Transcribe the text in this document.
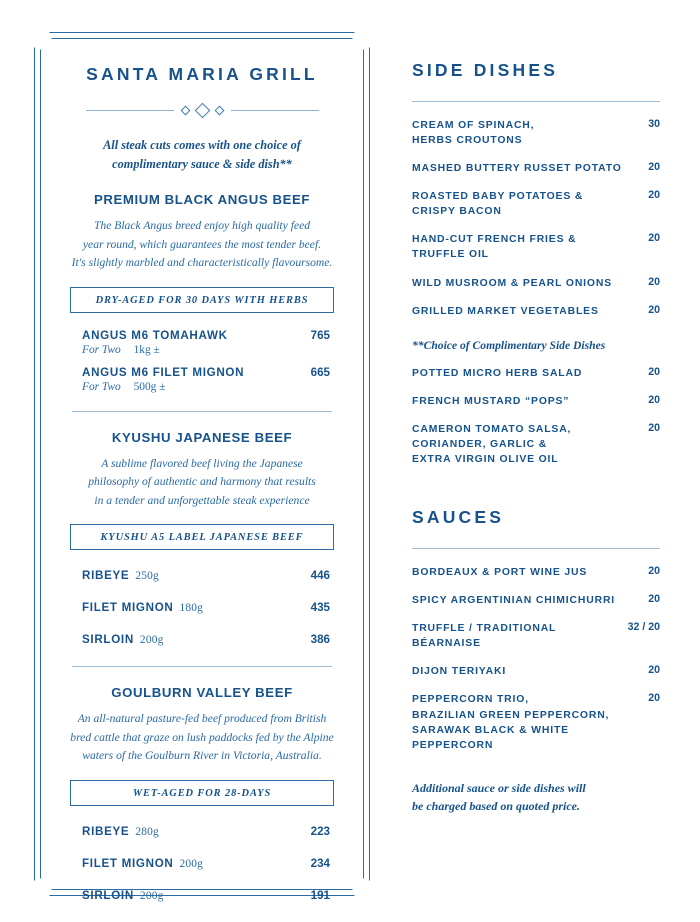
SANTA MARIA GRILL

All steak cuts comes with one choice of
complimentary sauce & side dish**

PREMIUM BLACK ANGUS BEEF

The Black Angus breed enjoy high quality feed
year round, which guarantees the most tender beef.
It's slightly marbled and characteristically flavoursome.

DRY-AGED FOR 30 DAYS WITH HERBS
ANGUS M6 TOMAHAWK	765
For Two 1kg ±
ANGUS M6 FILET MIGNON	665
For Two 500g ±
KYUSHU JAPANESE BEEF

A sublime flavored beef living the Japanese
philosophy of authentic and harmony that results
in a tender and unforgettable steak experience

KYUSHU A5 LABEL JAPANESE BEEF
RIBEYE 250g	446
FILET MIGNON 180g	435
SIRLOIN 200g	386
GOULBURN VALLEY BEEF

An all-natural pasture-fed beef produced from British
bred cattle that graze on lush paddocks fed by the Alpine
waters of the Goulburn River in Victoria, Australia.

WET-AGED FOR 28-DAYS
RIBEYE 280g	223
FILET MIGNON 200g	234
SIRLOIN 200g	191
SIDE DISHES
CREAM OF SPINACH,
HERBS CROUTONS
30
MASHED BUTTERY RUSSET POTATO	20
ROASTED BABY POTATOES &
CRISPY BACON
20
HAND-CUT FRENCH FRIES &
TRUFFLE OIL
20
WILD MUSROOM & PEARL ONIONS	20
GRILLED MARKET VEGETABLES	20
**Choice of Complimentary Side Dishes
POTTED MICRO HERB SALAD	20
FRENCH MUSTARD “POPS”	20
CAMERON TOMATO SALSA,
CORIANDER, GARLIC &
EXTRA VIRGIN OLIVE OIL
20
SAUCES
BORDEAUX & PORT WINE JUS	20
SPICY ARGENTINIAN CHIMICHURRI	20
TRUFFLE / TRADITIONAL
BÉARNAISE
32 / 20
DIJON TERIYAKI	20
PEPPERCORN TRIO,
BRAZILIAN GREEN PEPPERCORN,
SARAWAK BLACK & WHITE PEPPERCORN
20
Additional sauce or side dishes will
be charged based on quoted price.
